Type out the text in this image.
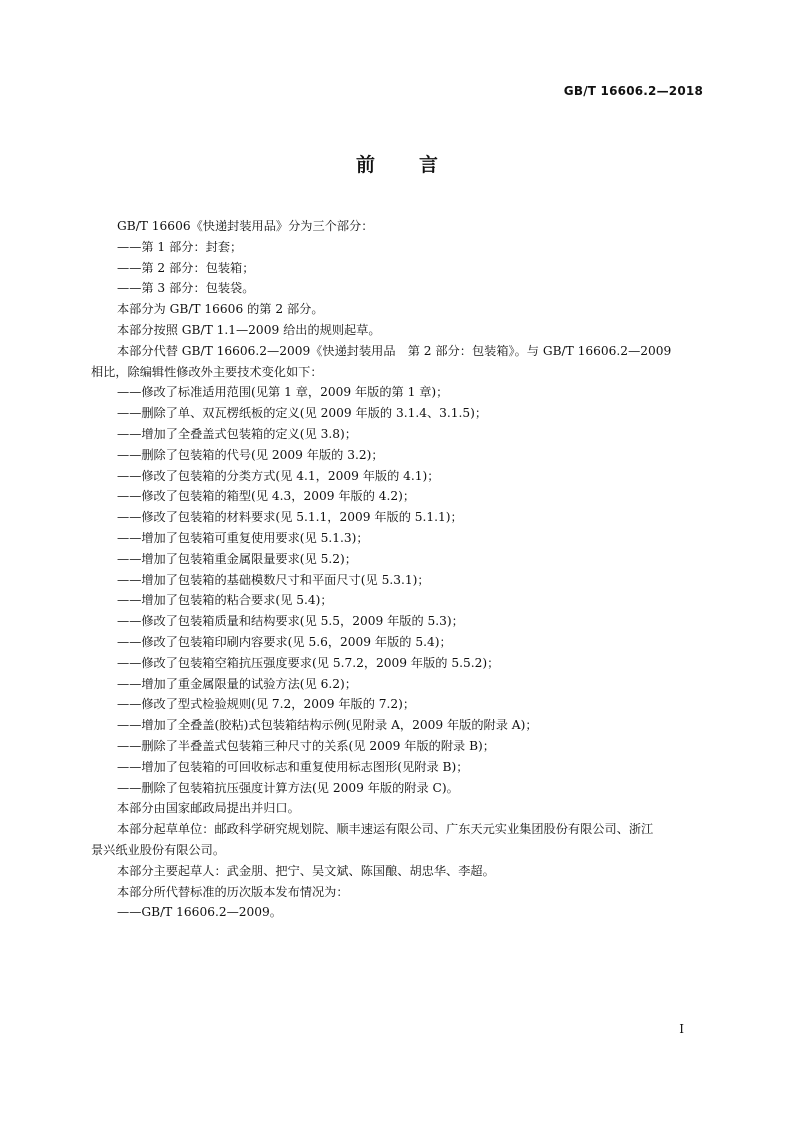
GB/T 16606.2—2018
前言
GB/T 16606《快递封装用品》分为三个部分：
——第 1 部分：封套；
——第 2 部分：包装箱；
——第 3 部分：包装袋。
本部分为 GB/T 16606 的第 2 部分。
本部分按照 GB/T 1.1—2009 给出的规则起草。
本部分代替 GB/T 16606.2—2009《快递封装用品　第 2 部分：包装箱》。与 GB/T 16606.2—2009
相比，除编辑性修改外主要技术变化如下：
——修改了标准适用范围(见第 1 章，2009 年版的第 1 章)；
——删除了单、双瓦楞纸板的定义(见 2009 年版的 3.1.4、3.1.5)；
——增加了全叠盖式包装箱的定义(见 3.8)；
——删除了包装箱的代号(见 2009 年版的 3.2)；
——修改了包装箱的分类方式(见 4.1，2009 年版的 4.1)；
——修改了包装箱的箱型(见 4.3，2009 年版的 4.2)；
——修改了包装箱的材料要求(见 5.1.1，2009 年版的 5.1.1)；
——增加了包装箱可重复使用要求(见 5.1.3)；
——增加了包装箱重金属限量要求(见 5.2)；
——增加了包装箱的基础模数尺寸和平面尺寸(见 5.3.1)；
——增加了包装箱的粘合要求(见 5.4)；
——修改了包装箱质量和结构要求(见 5.5，2009 年版的 5.3)；
——修改了包装箱印刷内容要求(见 5.6，2009 年版的 5.4)；
——修改了包装箱空箱抗压强度要求(见 5.7.2，2009 年版的 5.5.2)；
——增加了重金属限量的试验方法(见 6.2)；
——修改了型式检验规则(见 7.2，2009 年版的 7.2)；
——增加了全叠盖(胶粘)式包装箱结构示例(见附录 A，2009 年版的附录 A)；
——删除了半叠盖式包装箱三种尺寸的关系(见 2009 年版的附录 B)；
——增加了包装箱的可回收标志和重复使用标志图形(见附录 B)；
——删除了包装箱抗压强度计算方法(见 2009 年版的附录 C)。
本部分由国家邮政局提出并归口。
本部分起草单位：邮政科学研究规划院、顺丰速运有限公司、广东天元实业集团股份有限公司、浙江
景兴纸业股份有限公司。
本部分主要起草人：武金朋、把宁、吴文斌、陈国酿、胡忠华、李超。
本部分所代替标准的历次版本发布情况为：
——GB/T 16606.2—2009。
I
